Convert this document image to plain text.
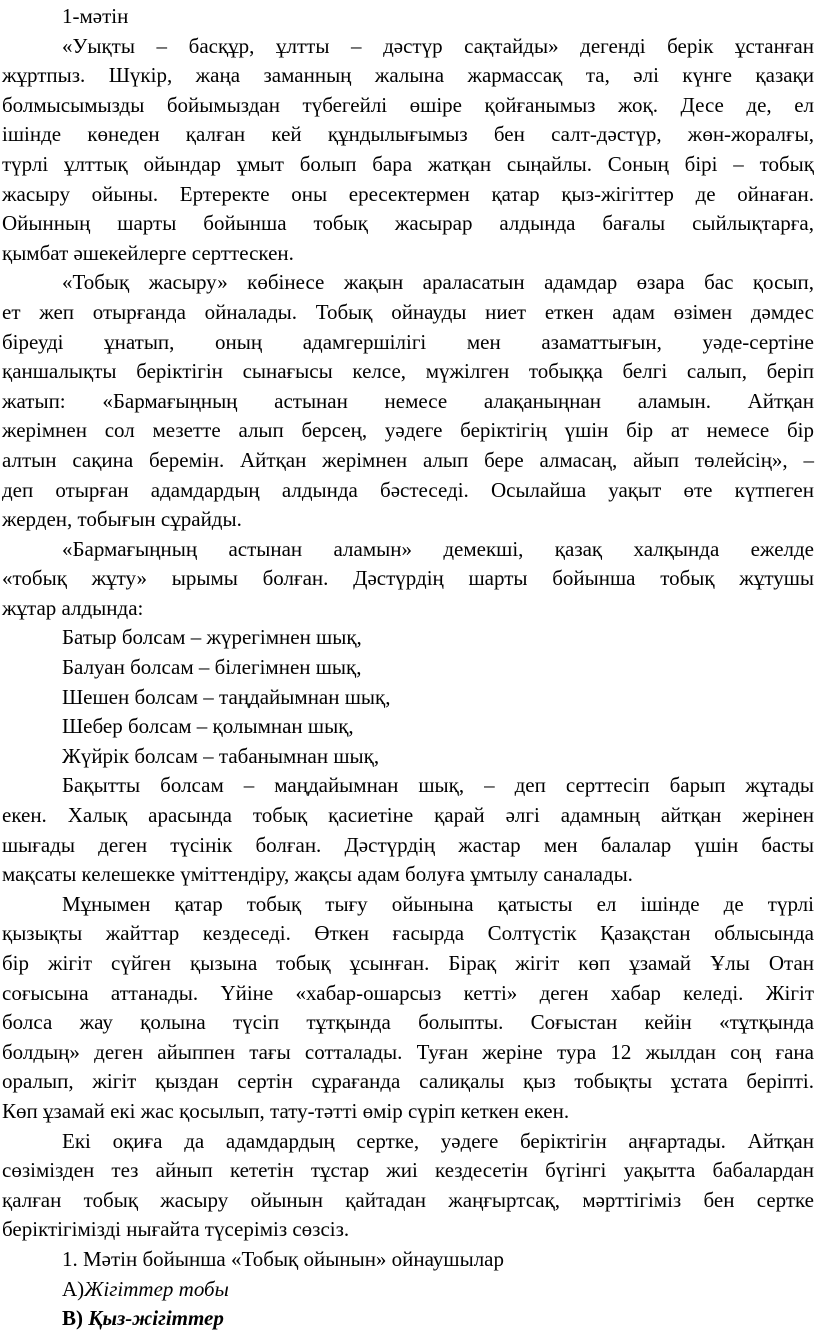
1-мәтін
«Уықты – басқұр, ұлтты – дәстүр сақтайды» дегенді берік ұстанған
жұртпыз. Шүкір, жаңа заманның жалына жармассақ та, әлі күнге қазақи
болмысымызды бойымыздан түбегейлі өшіре қойғанымыз жоқ. Десе де, ел
ішінде көнеден қалған кей құндылығымыз бен салт-дәстүр, жөн-жоралғы,
түрлі ұлттық ойындар ұмыт болып бара жатқан сыңайлы. Соның бірі – тобық
жасыру ойыны. Ертеректе оны ересектермен қатар қыз-жігіттер де ойнаған.
Ойынның шарты бойынша тобық жасырар алдында бағалы сыйлықтарға,
қымбат әшекейлерге серттескен.
«Тобық жасыру» көбінесе жақын араласатын адамдар өзара бас қосып,
ет жеп отырғанда ойналады. Тобық ойнауды ниет еткен адам өзімен дәмдес
біреуді ұнатып, оның адамгершілігі мен азаматтығын, уәде-сертіне
қаншалықты беріктігін сынағысы келсе, мүжілген тобыққа белгі салып, беріп
жатып: «Бармағыңның астынан немесе алақаныңнан аламын. Айтқан
жерімнен сол мезетте алып берсең, уәдеге беріктігің үшін бір ат немесе бір
алтын сақина беремін. Айтқан жерімнен алып бере алмасаң, айып төлейсің», –
деп отырған адамдардың алдында бәстеседі. Осылайша уақыт өте күтпеген
жерден, тобығын сұрайды.
«Бармағыңның астынан аламын» демекші, қазақ халқында ежелде
«тобық жұту» ырымы болған. Дәстүрдің шарты бойынша тобық жұтушы
жұтар алдында:
Батыр болсам – жүрегімнен шық,
Балуан болсам – білегімнен шық,
Шешен болсам – таңдайымнан шық,
Шебер болсам – қолымнан шық,
Жүйрік болсам – табанымнан шық,
Бақытты болсам – маңдайымнан шық, – деп серттесіп барып жұтады
екен. Халық арасында тобық қасиетіне қарай әлгі адамның айтқан жерінен
шығады деген түсінік болған. Дәстүрдің жастар мен балалар үшін басты
мақсаты келешекке үміттендіру, жақсы адам болуға ұмтылу саналады.
Мұнымен қатар тобық тығу ойынына қатысты ел ішінде де түрлі
қызықты жайттар кездеседі. Өткен ғасырда Солтүстік Қазақстан облысында
бір жігіт сүйген қызына тобық ұсынған. Бірақ жігіт көп ұзамай Ұлы Отан
соғысына аттанады. Үйіне «хабар-ошарсыз кетті» деген хабар келеді. Жігіт
болса жау қолына түсіп тұтқында болыпты. Соғыстан кейін «тұтқында
болдың» деген айыппен тағы сотталады. Туған жеріне тура 12 жылдан соң ғана
оралып, жігіт қыздан сертін сұрағанда салиқалы қыз тобықты ұстата беріпті.
Көп ұзамай екі жас қосылып, тату-тәтті өмір сүріп кеткен екен.
Екі оқиға да адамдардың сертке, уәдеге беріктігін аңғартады. Айтқан
сөзімізден тез айнып кететін тұстар жиі кездесетін бүгінгі уақытта бабалардан
қалған тобық жасыру ойынын қайтадан жаңғыртсақ, мәрттігіміз бен сертке
беріктігімізді нығайта түсеріміз сөзсіз.
1. Мәтін бойынша «Тобық ойынын» ойнаушылар
А)Жігіттер тобы
В) Қыз-жігіттер
